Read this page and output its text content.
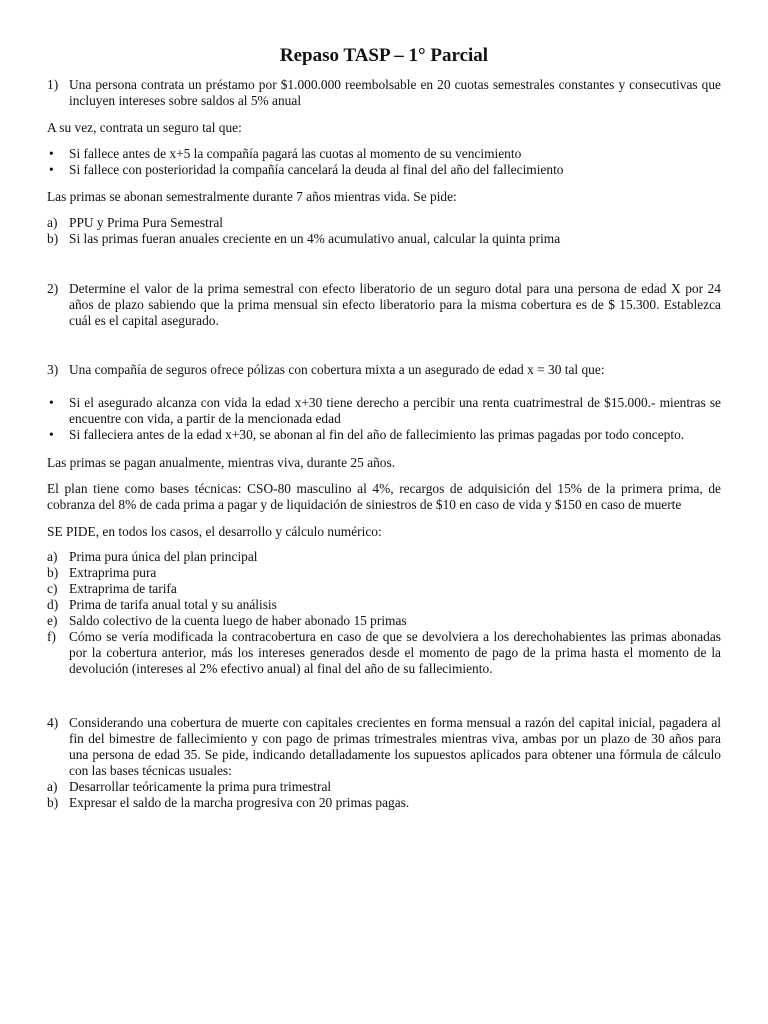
Repaso TASP – 1° Parcial
1) Una persona contrata un préstamo por $1.000.000 reembolsable en 20 cuotas semestrales constantes y consecutivas que incluyen intereses sobre saldos al 5% anual
A su vez, contrata un seguro tal que:
• Si fallece antes de x+5 la compañía pagará las cuotas al momento de su vencimiento
• Si fallece con posterioridad la compañía cancelará la deuda al final del año del fallecimiento
Las primas se abonan semestralmente durante 7 años mientras vida. Se pide:
a) PPU y Prima Pura Semestral
b) Si las primas fueran anuales creciente en un 4% acumulativo anual, calcular la quinta prima
2) Determine el valor de la prima semestral con efecto liberatorio de un seguro dotal para una persona de edad X por 24 años de plazo sabiendo que la prima mensual sin efecto liberatorio para la misma cobertura es de $ 15.300. Establezca cuál es el capital asegurado.
3) Una compañía de seguros ofrece pólizas con cobertura mixta a un asegurado de edad x = 30 tal que:
• Si el asegurado alcanza con vida la edad x+30 tiene derecho a percibir una renta cuatrimestral de $15.000.- mientras se encuentre con vida, a partir de la mencionada edad
• Si falleciera antes de la edad x+30, se abonan al fin del año de fallecimiento las primas pagadas por todo concepto.
Las primas se pagan anualmente, mientras viva, durante 25 años.
El plan tiene como bases técnicas: CSO-80 masculino al 4%, recargos de adquisición del 15% de la primera prima, de cobranza del 8% de cada prima a pagar y de liquidación de siniestros de $10 en caso de vida y $150 en caso de muerte
SE PIDE, en todos los casos, el desarrollo y cálculo numérico:
a) Prima pura única del plan principal
b) Extraprima pura
c) Extraprima de tarifa
d) Prima de tarifa anual total y su análisis
e) Saldo colectivo de la cuenta luego de haber abonado 15 primas
f) Cómo se vería modificada la contracobertura en caso de que se devolviera a los derechohabientes las primas abonadas por la cobertura anterior, más los intereses generados desde el momento de pago de la prima hasta el momento de la devolución (intereses al 2% efectivo anual) al final del año de su fallecimiento.
4) Considerando una cobertura de muerte con capitales crecientes en forma mensual a razón del capital inicial, pagadera al fin del bimestre de fallecimiento y con pago de primas trimestrales mientras viva, ambas por un plazo de 30 años para una persona de edad 35. Se pide, indicando detalladamente los supuestos aplicados para obtener una fórmula de cálculo con las bases técnicas usuales:
a) Desarrollar teóricamente la prima pura trimestral
b) Expresar el saldo de la marcha progresiva con 20 primas pagas.
